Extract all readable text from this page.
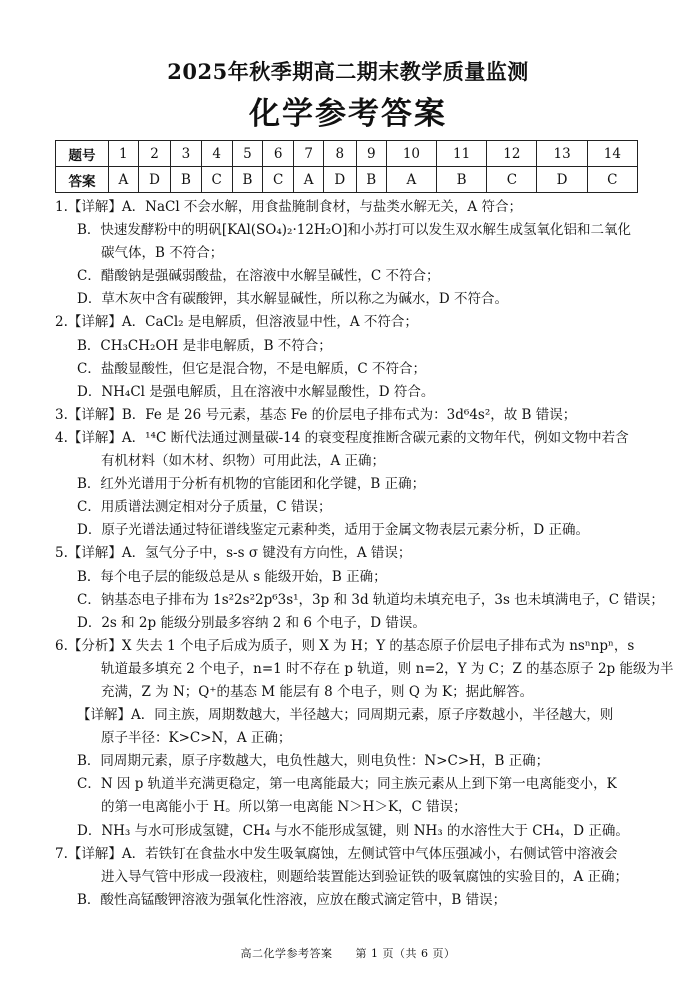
2025年秋季期高二期末教学质量监测
化学参考答案
题号	1	2	3	4	5	6	7	8	9	10	11	12	13	14
答案	A	D	B	C	B	C	A	D	B	A	B	C	D	C
1.【详解】A．NaCl 不会水解，用食盐腌制食材，与盐类水解无关，A 符合；
B．快速发酵粉中的明矾[KAl(SO₄)₂·12H₂O]和小苏打可以发生双水解生成氢氧化铝和二氧化
碳气体，B 不符合；
C．醋酸钠是强碱弱酸盐，在溶液中水解呈碱性，C 不符合；
D．草木灰中含有碳酸钾，其水解显碱性，所以称之为碱水，D 不符合。
2.【详解】A．CaCl₂ 是电解质，但溶液显中性，A 不符合；
B．CH₃CH₂OH 是非电解质，B 不符合；
C．盐酸显酸性，但它是混合物，不是电解质，C 不符合；
D．NH₄Cl 是强电解质，且在溶液中水解显酸性，D 符合。
3.【详解】B．Fe 是 26 号元素，基态 Fe 的价层电子排布式为：3d⁶4s²，故 B 错误；
4.【详解】A．¹⁴C 断代法通过测量碳-14 的衰变程度推断含碳元素的文物年代，例如文物中若含
有机材料（如木材、织物）可用此法，A 正确；
B．红外光谱用于分析有机物的官能团和化学键，B 正确；
C．用质谱法测定相对分子质量，C 错误；
D．原子光谱法通过特征谱线鉴定元素种类，适用于金属文物表层元素分析，D 正确。
5.【详解】A．氢气分子中，s-s σ 键没有方向性，A 错误；
B．每个电子层的能级总是从 s 能级开始，B 正确；
C．钠基态电子排布为 1s²2s²2p⁶3s¹，3p 和 3d 轨道均未填充电子，3s 也未填满电子，C 错误；
D．2s 和 2p 能级分别最多容纳 2 和 6 个电子，D 错误。
6.【分析】X 失去 1 个电子后成为质子，则 X 为 H；Y 的基态原子价层电子排布式为 nsⁿnpⁿ，s
轨道最多填充 2 个电子，n=1 时不存在 p 轨道，则 n=2，Y 为 C；Z 的基态原子 2p 能级为半
充满，Z 为 N；Q⁺的基态 M 能层有 8 个电子，则 Q 为 K；据此解答。
【详解】A．同主族，周期数越大，半径越大；同周期元素，原子序数越小，半径越大，则
原子半径：K>C>N，A 正确；
B．同周期元素，原子序数越大，电负性越大，则电负性：N>C>H，B 正确；
C．N 因 p 轨道半充满更稳定，第一电离能最大；同主族元素从上到下第一电离能变小，K
的第一电离能小于 H。所以第一电离能 N＞H＞K，C 错误；
D．NH₃ 与水可形成氢键，CH₄ 与水不能形成氢键，则 NH₃ 的水溶性大于 CH₄，D 正确。
7.【详解】A．若铁钉在食盐水中发生吸氧腐蚀，左侧试管中气体压强减小，右侧试管中溶液会
进入导气管中形成一段液柱，则题给装置能达到验证铁的吸氧腐蚀的实验目的，A 正确；
B．酸性高锰酸钾溶液为强氧化性溶液，应放在酸式滴定管中，B 错误；
高二化学参考答案　　第 1 页（共 6 页）
